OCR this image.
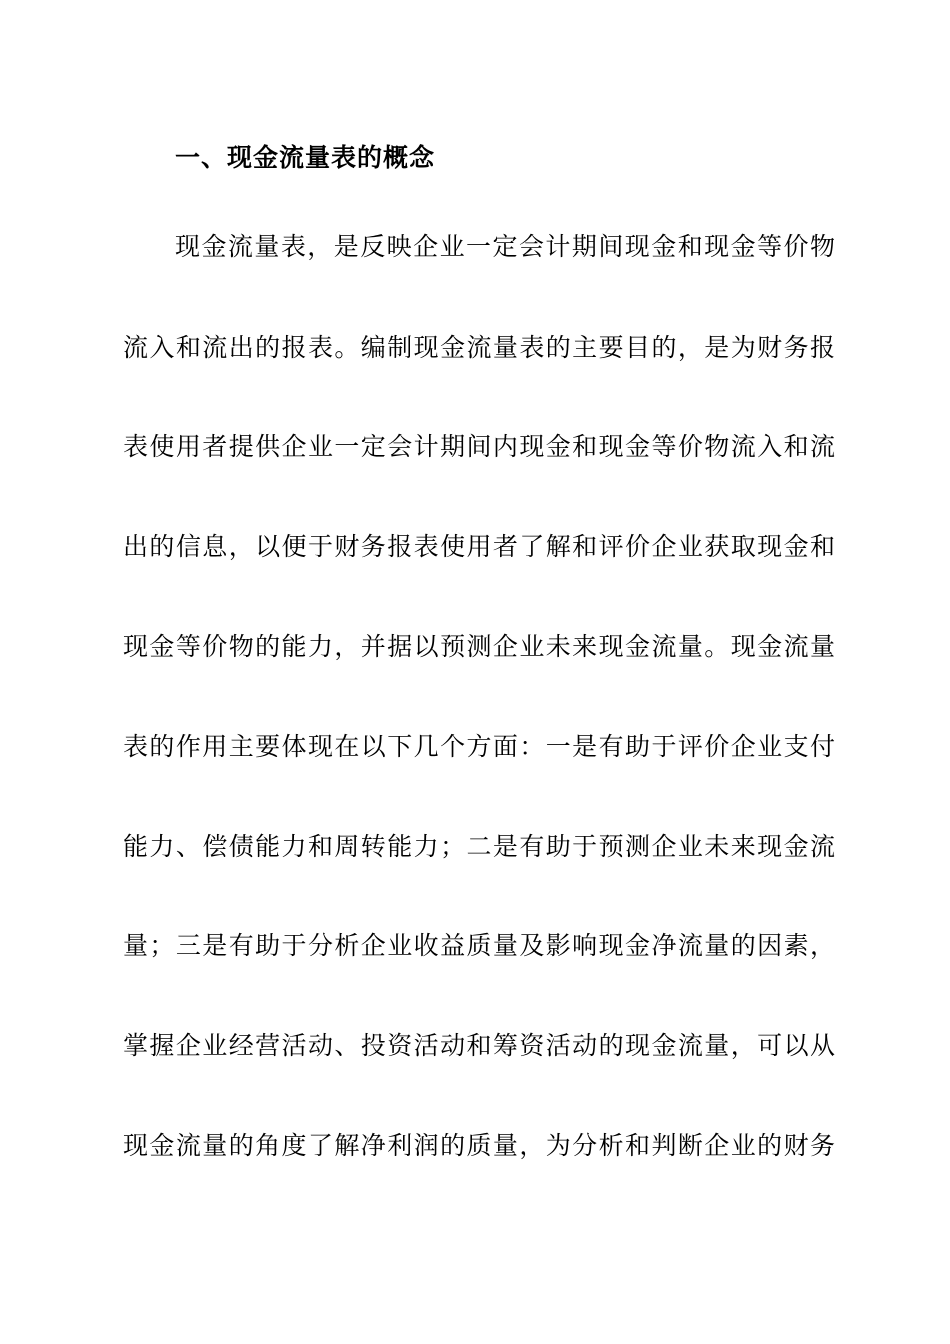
一、现金流量表的概念
现金流量表，是反映企业一定会计期间现金和现金等价物
流入和流出的报表。编制现金流量表的主要目的，是为财务报
表使用者提供企业一定会计期间内现金和现金等价物流入和流
出的信息，以便于财务报表使用者了解和评价企业获取现金和
现金等价物的能力，并据以预测企业未来现金流量。现金流量
表的作用主要体现在以下几个方面：一是有助于评价企业支付
能力、偿债能力和周转能力；二是有助于预测企业未来现金流
量；三是有助于分析企业收益质量及影响现金净流量的因素，
掌握企业经营活动、投资活动和筹资活动的现金流量，可以从
现金流量的角度了解净利润的质量，为分析和判断企业的财务
